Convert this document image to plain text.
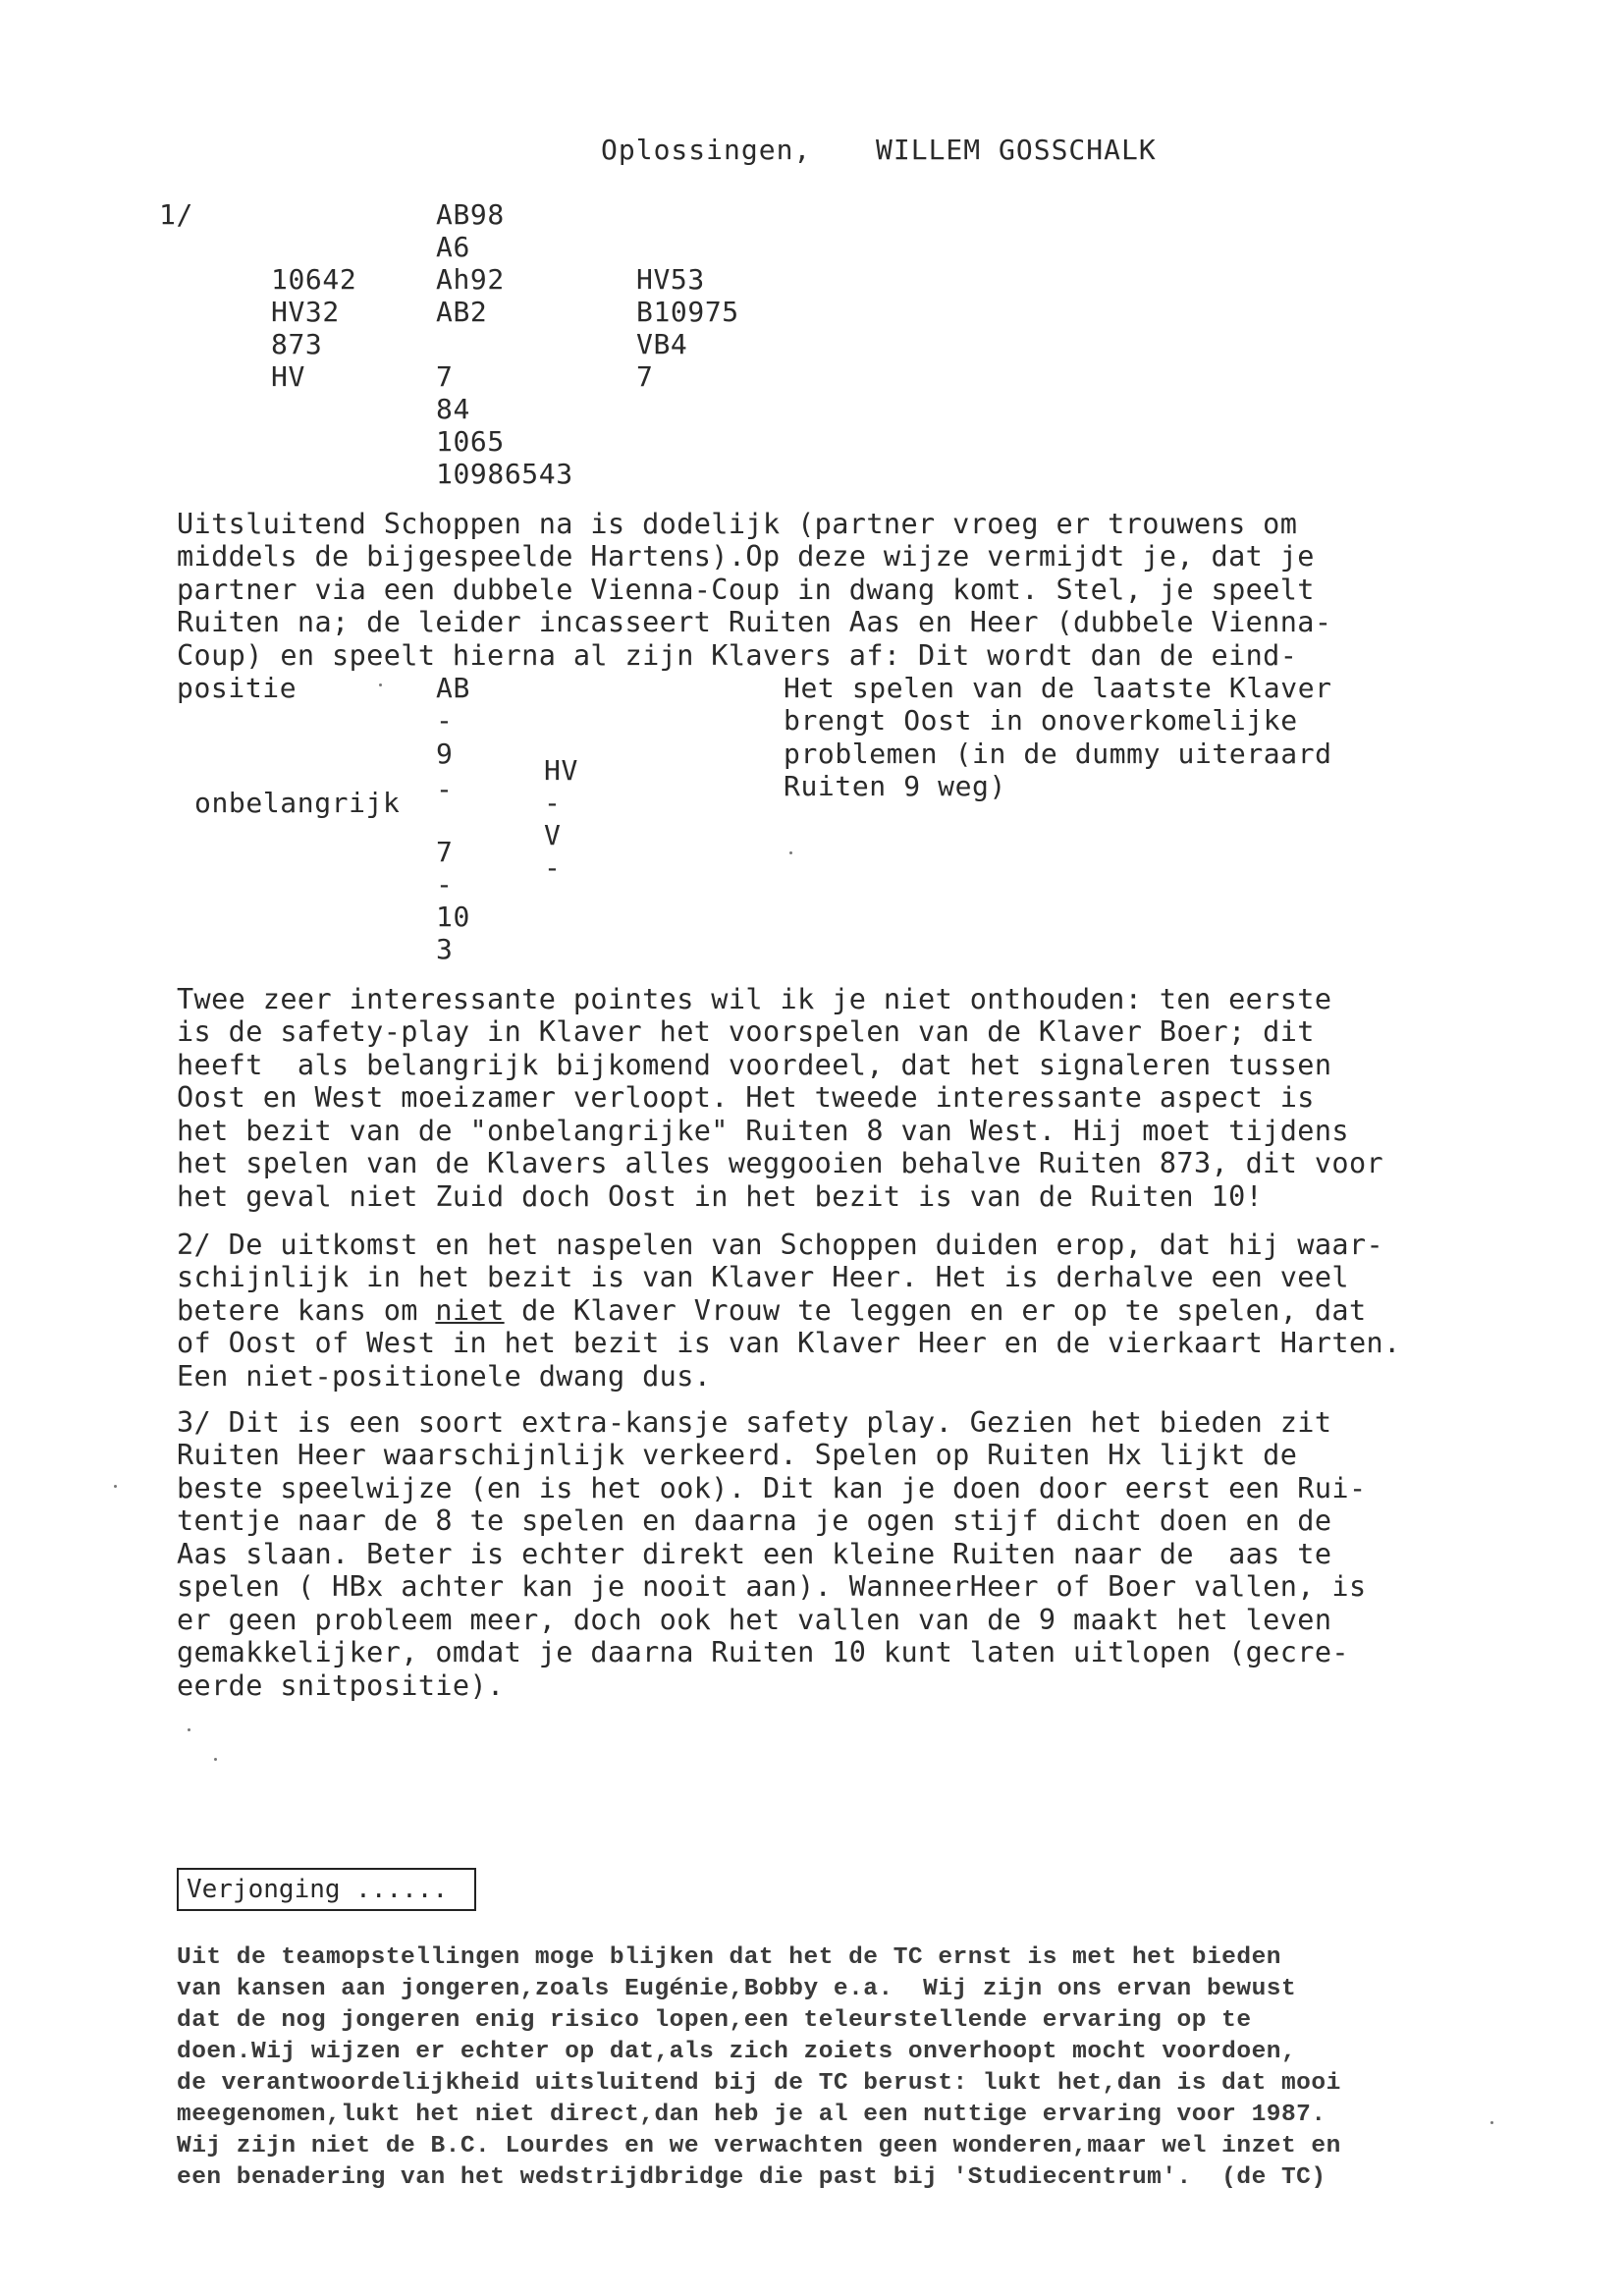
Oplossingen, WILLEM GOSSCHALK
1/	AB98
A6
Ah92
AB2
10642
HV32
873
HV
HV53
B10975
VB4
7
7
84
1065
10986543
Uitsluitend Schoppen na is dodelijk (partner vroeg er trouwens om
middels de bijgespeelde Hartens).Op deze wijze vermijdt je, dat je
partner via een dubbele Vienna-Coup in dwang komt. Stel, je speelt
Ruiten na; de leider incasseert Ruiten Aas en Heer (dubbele Vienna-
Coup) en speelt hierna al zijn Klavers af: Dit wordt dan de eind-
positie	AB
-
9
-
7
-
10
3
HV
-
V
-
onbelangrijk
Het spelen van de laatste Klaver
brengt Oost in onoverkomelijke
problemen (in de dummy uiteraard
Ruiten 9 weg)
Twee zeer interessante pointes wil ik je niet onthouden: ten eerste
is de safety-play in Klaver het voorspelen van de Klaver Boer; dit
heeft  als belangrijk bijkomend voordeel, dat het signaleren tussen
Oost en West moeizamer verloopt. Het tweede interessante aspect is
het bezit van de "onbelangrijke" Ruiten 8 van West. Hij moet tijdens
het spelen van de Klavers alles weggooien behalve Ruiten 873, dit voor
het geval niet Zuid doch Oost in het bezit is van de Ruiten 10!
2/ De uitkomst en het naspelen van Schoppen duiden erop, dat hij waar-
schijnlijk in het bezit is van Klaver Heer. Het is derhalve een veel
betere kans om niet de Klaver Vrouw te leggen en er op te spelen, dat
of Oost of West in het bezit is van Klaver Heer en de vierkaart Harten.
Een niet-positionele dwang dus.
3/ Dit is een soort extra-kansje safety play. Gezien het bieden zit
Ruiten Heer waarschijnlijk verkeerd. Spelen op Ruiten Hx lijkt de
beste speelwijze (en is het ook). Dit kan je doen door eerst een Rui-
tentje naar de 8 te spelen en daarna je ogen stijf dicht doen en de
Aas slaan. Beter is echter direkt een kleine Ruiten naar de  aas te
spelen ( HBx achter kan je nooit aan). WanneerHeer of Boer vallen, is
er geen probleem meer, doch ook het vallen van de 9 maakt het leven
gemakkelijker, omdat je daarna Ruiten 10 kunt laten uitlopen (gecre-
eerde snitpositie).
Verjonging ......
Uit de teamopstellingen moge blijken dat het de TC ernst is met het bieden
van kansen aan jongeren,zoals Eugénie,Bobby e.a.  Wij zijn ons ervan bewust
dat de nog jongeren enig risico lopen,een teleurstellende ervaring op te
doen.Wij wijzen er echter op dat,als zich zoiets onverhoopt mocht voordoen,
de verantwoordelijkheid uitsluitend bij de TC berust: lukt het,dan is dat mooi
meegenomen,lukt het niet direct,dan heb je al een nuttige ervaring voor 1987.
Wij zijn niet de B.C. Lourdes en we verwachten geen wonderen,maar wel inzet en
een benadering van het wedstrijdbridge die past bij 'Studiecentrum'.  (de TC)
